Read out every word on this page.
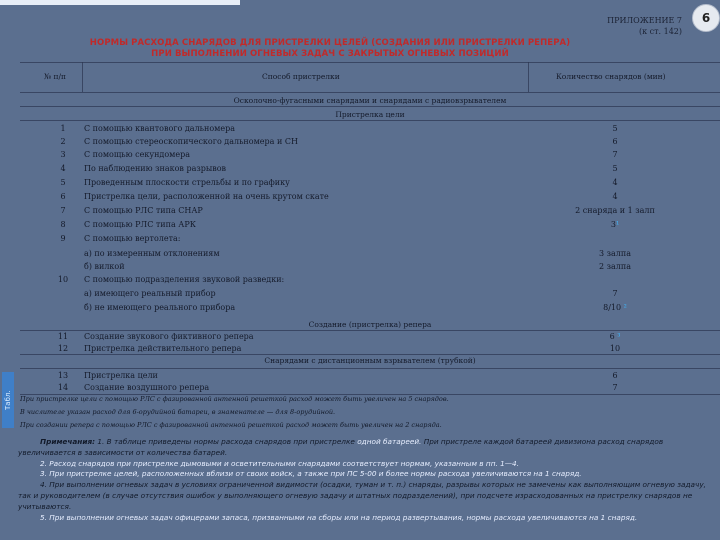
6
ПРИЛОЖЕНИЕ 7
(к ст. 142)
НОРМЫ РАСХОДА СНАРЯДОВ ДЛЯ ПРИСТРЕЛКИ ЦЕЛЕЙ (СОЗДАНИЯ ИЛИ ПРИСТРЕЛКИ РЕПЕРА)
ПРИ ВЫПОЛНЕНИИ ОГНЕВЫХ ЗАДАЧ С ЗАКРЫТЫХ ОГНЕВЫХ ПОЗИЦИЙ
№ п/п	Способ пристрелки	Количество снарядов (мин)
Осколочно-фугасными снарядами и снарядами с радиовзрывателем
Пристрелка цели
Создание (пристрелка) репера
Снарядами с дистанционным взрывателем (трубкой)
1	С помощью квантового дальномера	5
2	С помощью стереоскопического дальномера и СН	6
3	С помощью секундомера	7
4	По наблюдению знаков разрывов	5
5	Проведенным плоскости стрельбы и по графику	4
6	Пристрелка цели, расположенной на очень крутом скате	4
7	С помощью РЛС типа СНАР	2 снаряда и 1 залп
8	С помощью РЛС типа АРК	3¹
9	С помощью вертолета:
а) по измеренным отклонениям	3 залпа
б) вилкой	2 залпа
10	С помощью подразделения звуковой разведки:
а) имеющего реальный прибор	7
б) не имеющего реального прибора	8/10 ²
11	Создание звукового фиктивного репера	6 ³
12	Пристрелка действительного репера	10
13	Пристрелка цели	6
14	Создание воздушного репера	7
Табл.	При пристрелке цели с помощью РЛС с фазированной антенной решеткой расход может быть увеличен на 5 снарядов.
В числителе указан расход для 6-орудийной батареи, в знаменателе — для 8-орудийной.
При создании репера с помощью РЛС с фазированной антенной решеткой расход может быть увеличен на 2 снаряда.
Примечания: 1. В таблице приведены нормы расхода снарядов при пристрелке одной батареей. При пристреле каждой батареей дивизиона расход снарядов увеличивается в зависимости от количества батарей.
2. Расход снарядов при пристрелке дымовыми и осветительными снарядами соответствует нормам, указанным в пп. 1—4.
3. При пристрелке целей, расположенных вблизи от своих войск, а также при ПС 5-00 и более нормы расхода увеличиваются на 1 снаряд.
4. При выполнении огневых задач в условиях ограниченной видимости (осадки, туман и т. п.) снаряды, разрывы которых не замечены как выполняющим огневую задачу, так и руководителем (в случае отсутствия ошибок у выполняющего огневую задачу и штатных подразделений), при подсчете израсходованных на пристрелку снарядов не учитываются.
5. При выполнении огневых задач офицерами запаса, призванными на сборы или на период развертывания, нормы расхода увеличиваются на 1 снаряд.
